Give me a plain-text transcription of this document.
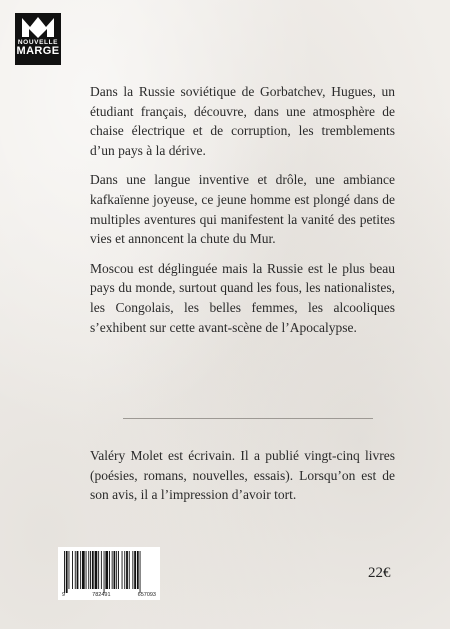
NOUVELLE
MARGE

Dans la Russie soviétique de Gorbatchev, Hugues, un étudiant français, découvre, dans une atmosphère de chaise électrique et de corruption, les tremblements d’un pays à la dérive.

Dans une langue inventive et drôle, une ambiance kafkaïenne joyeuse, ce jeune homme est plongé dans de multiples aventures qui manifestent la vanité des petites vies et annoncent la chute du Mur.

Moscou est déglinguée mais la Russie est le plus beau pays du monde, surtout quand les fous, les nationalistes, les Congolais, les belles femmes, les alcooliques s’exhibent sur cette avant-scène de l’Apocalypse.

Valéry Molet est écrivain. Il a publié vingt-cinq livres (poésies, romans, nouvelles, essais). Lorsqu’on est de son avis, il a l’impression d’avoir tort.

9	782491	657093
22€
